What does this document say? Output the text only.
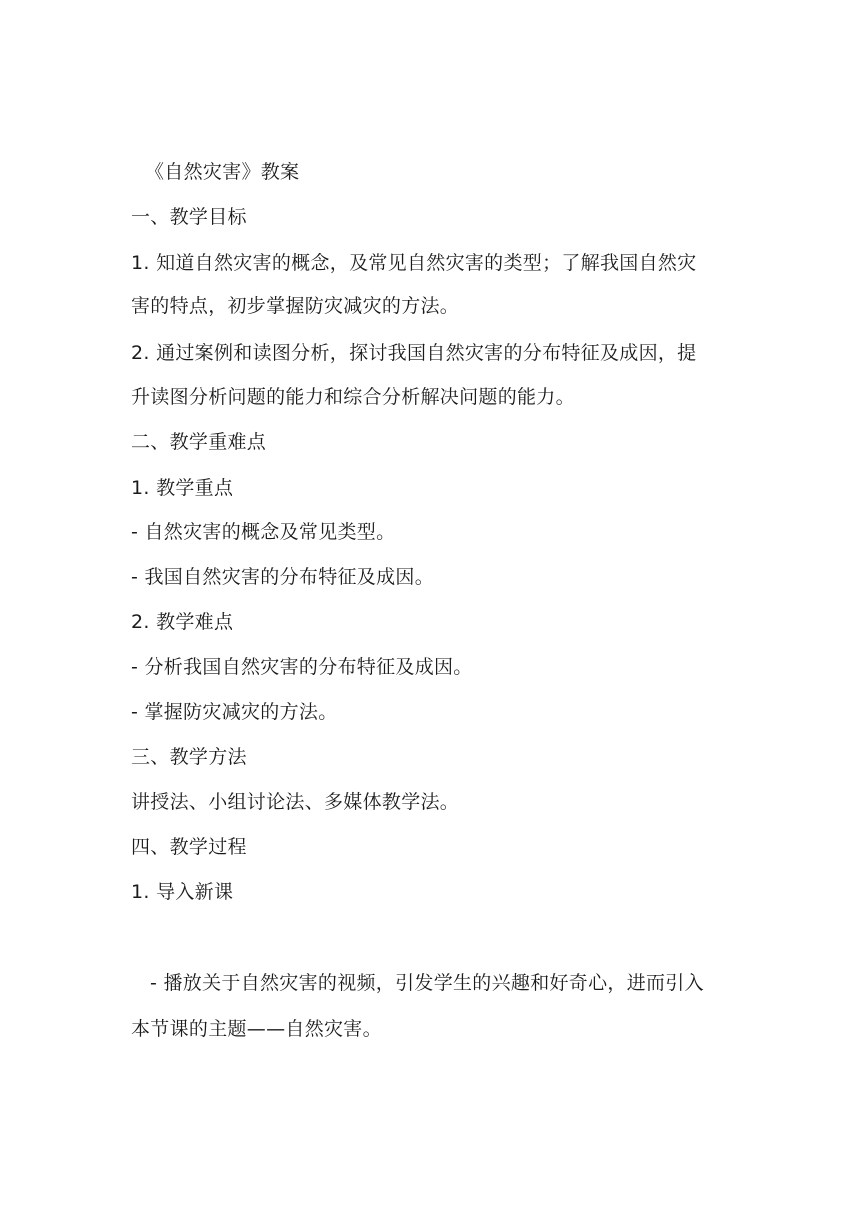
《自然灾害》教案
一、教学目标
1. 知道自然灾害的概念，及常见自然灾害的类型；了解我国自然灾
害的特点，初步掌握防灾减灾的方法。
2. 通过案例和读图分析，探讨我国自然灾害的分布特征及成因，提
升读图分析问题的能力和综合分析解决问题的能力。
二、教学重难点
1. 教学重点
- 自然灾害的概念及常见类型。
- 我国自然灾害的分布特征及成因。
2. 教学难点
- 分析我国自然灾害的分布特征及成因。
- 掌握防灾减灾的方法。
三、教学方法
讲授法、小组讨论法、多媒体教学法。
四、教学过程
1. 导入新课
- 播放关于自然灾害的视频，引发学生的兴趣和好奇心，进而引入
本节课的主题——自然灾害。
